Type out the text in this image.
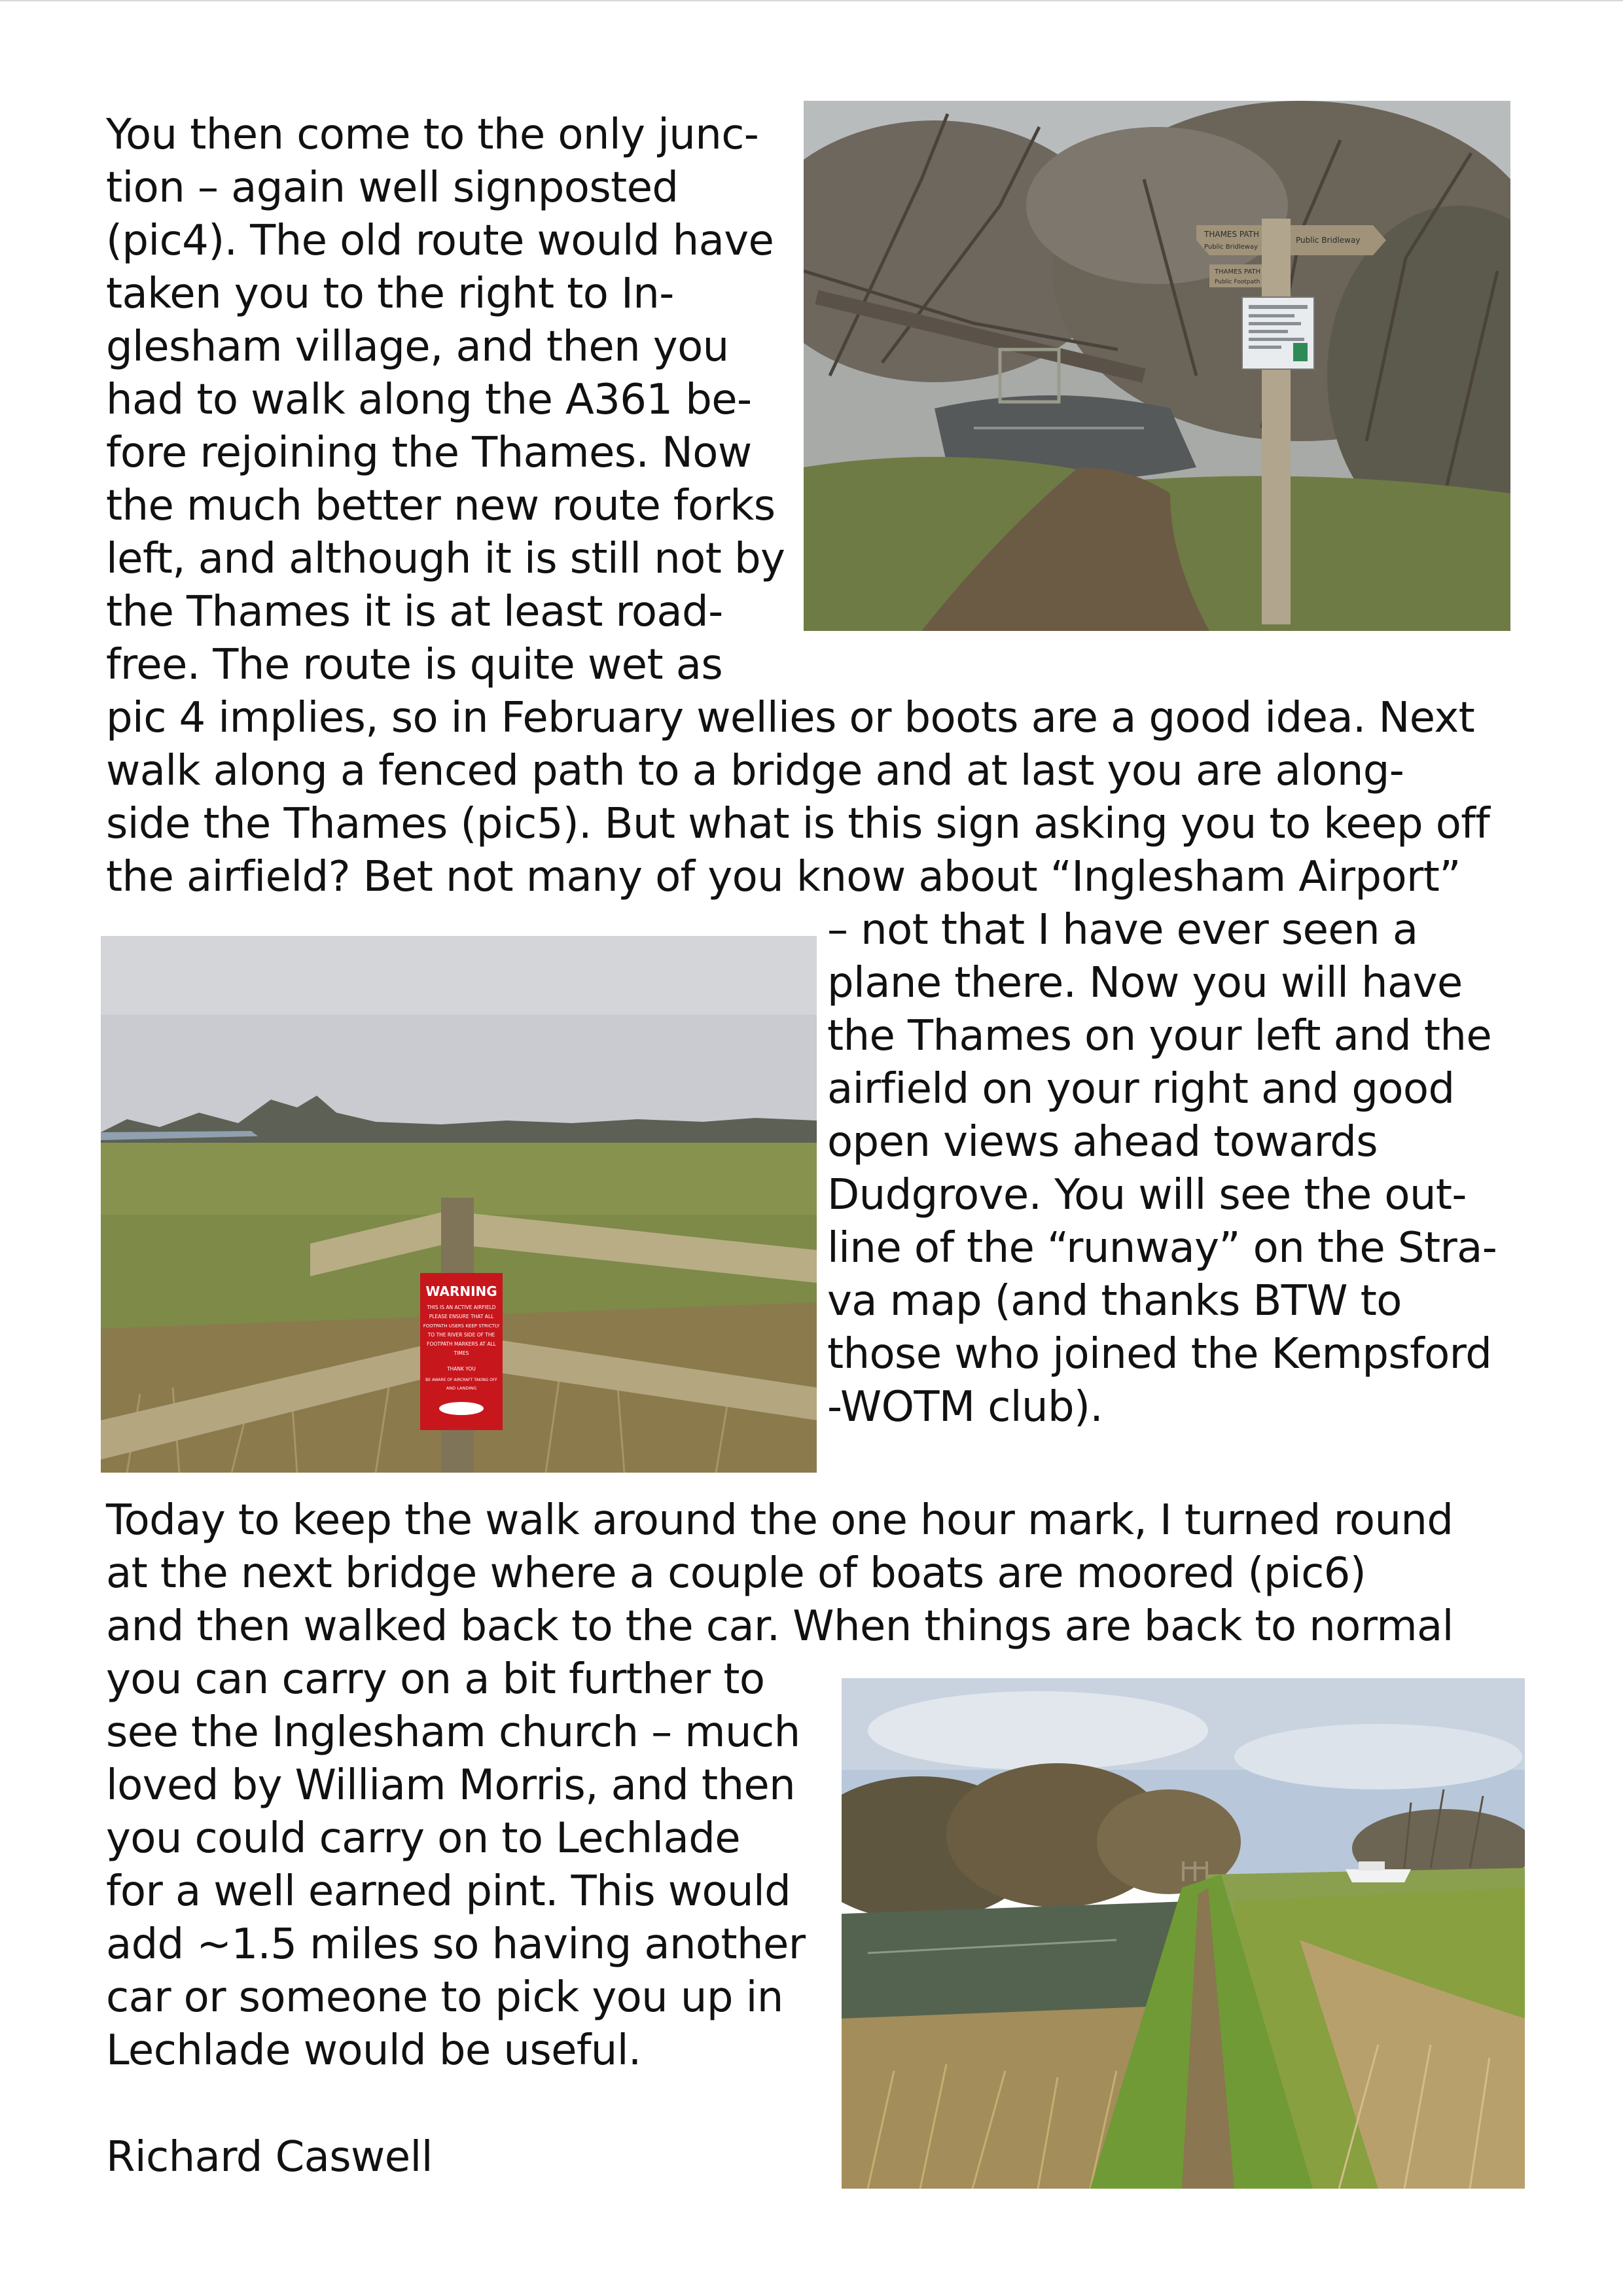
You then come to the only junc-

tion – again well signposted

(pic4). The old route would have

taken you to the right to In-

glesham village, and then you

had to walk along the A361 be-

fore rejoining the Thames. Now

the much better new route forks

left, and although it is still not by

the Thames it is at least road-

free. The route is quite wet as

pic 4 implies, so in February wellies or boots are a good idea. Next

walk along a fenced path to a bridge and at last you are along-

side the Thames (pic5). But what is this sign asking you to keep off

the airfield? Bet not many of you know about “Inglesham Airport”

– not that I have ever seen a

plane there. Now you will have

the Thames on your left and the

airfield on your right and good

open views ahead towards

Dudgrove. You will see the out-

line of the “runway” on the Stra-

va map (and thanks BTW to

those who joined the Kempsford

-WOTM club).

Today to keep the walk around the one hour mark, I turned round

at the next bridge where a couple of boats are moored (pic6)

and then walked back to the car. When things are back to normal

you can carry on a bit further to

see the Inglesham church – much

loved by William Morris, and then

you could carry on to Lechlade

for a well earned pint. This would

add ~1.5 miles so having another

car or someone to pick you up in

Lechlade would be useful.

Richard Caswell

THAMES PATH
Public Bridleway
THAMES PATH
Public Footpath
Public Bridleway
WARNING
THIS IS AN ACTIVE AIRFIELD
PLEASE ENSURE THAT ALL
FOOTPATH USERS KEEP STRICTLY
TO THE RIVER SIDE OF THE
FOOTPATH MARKERS AT ALL
TIMES
THANK YOU
BE AWARE OF AIRCRAFT TAKING OFF
AND LANDING
